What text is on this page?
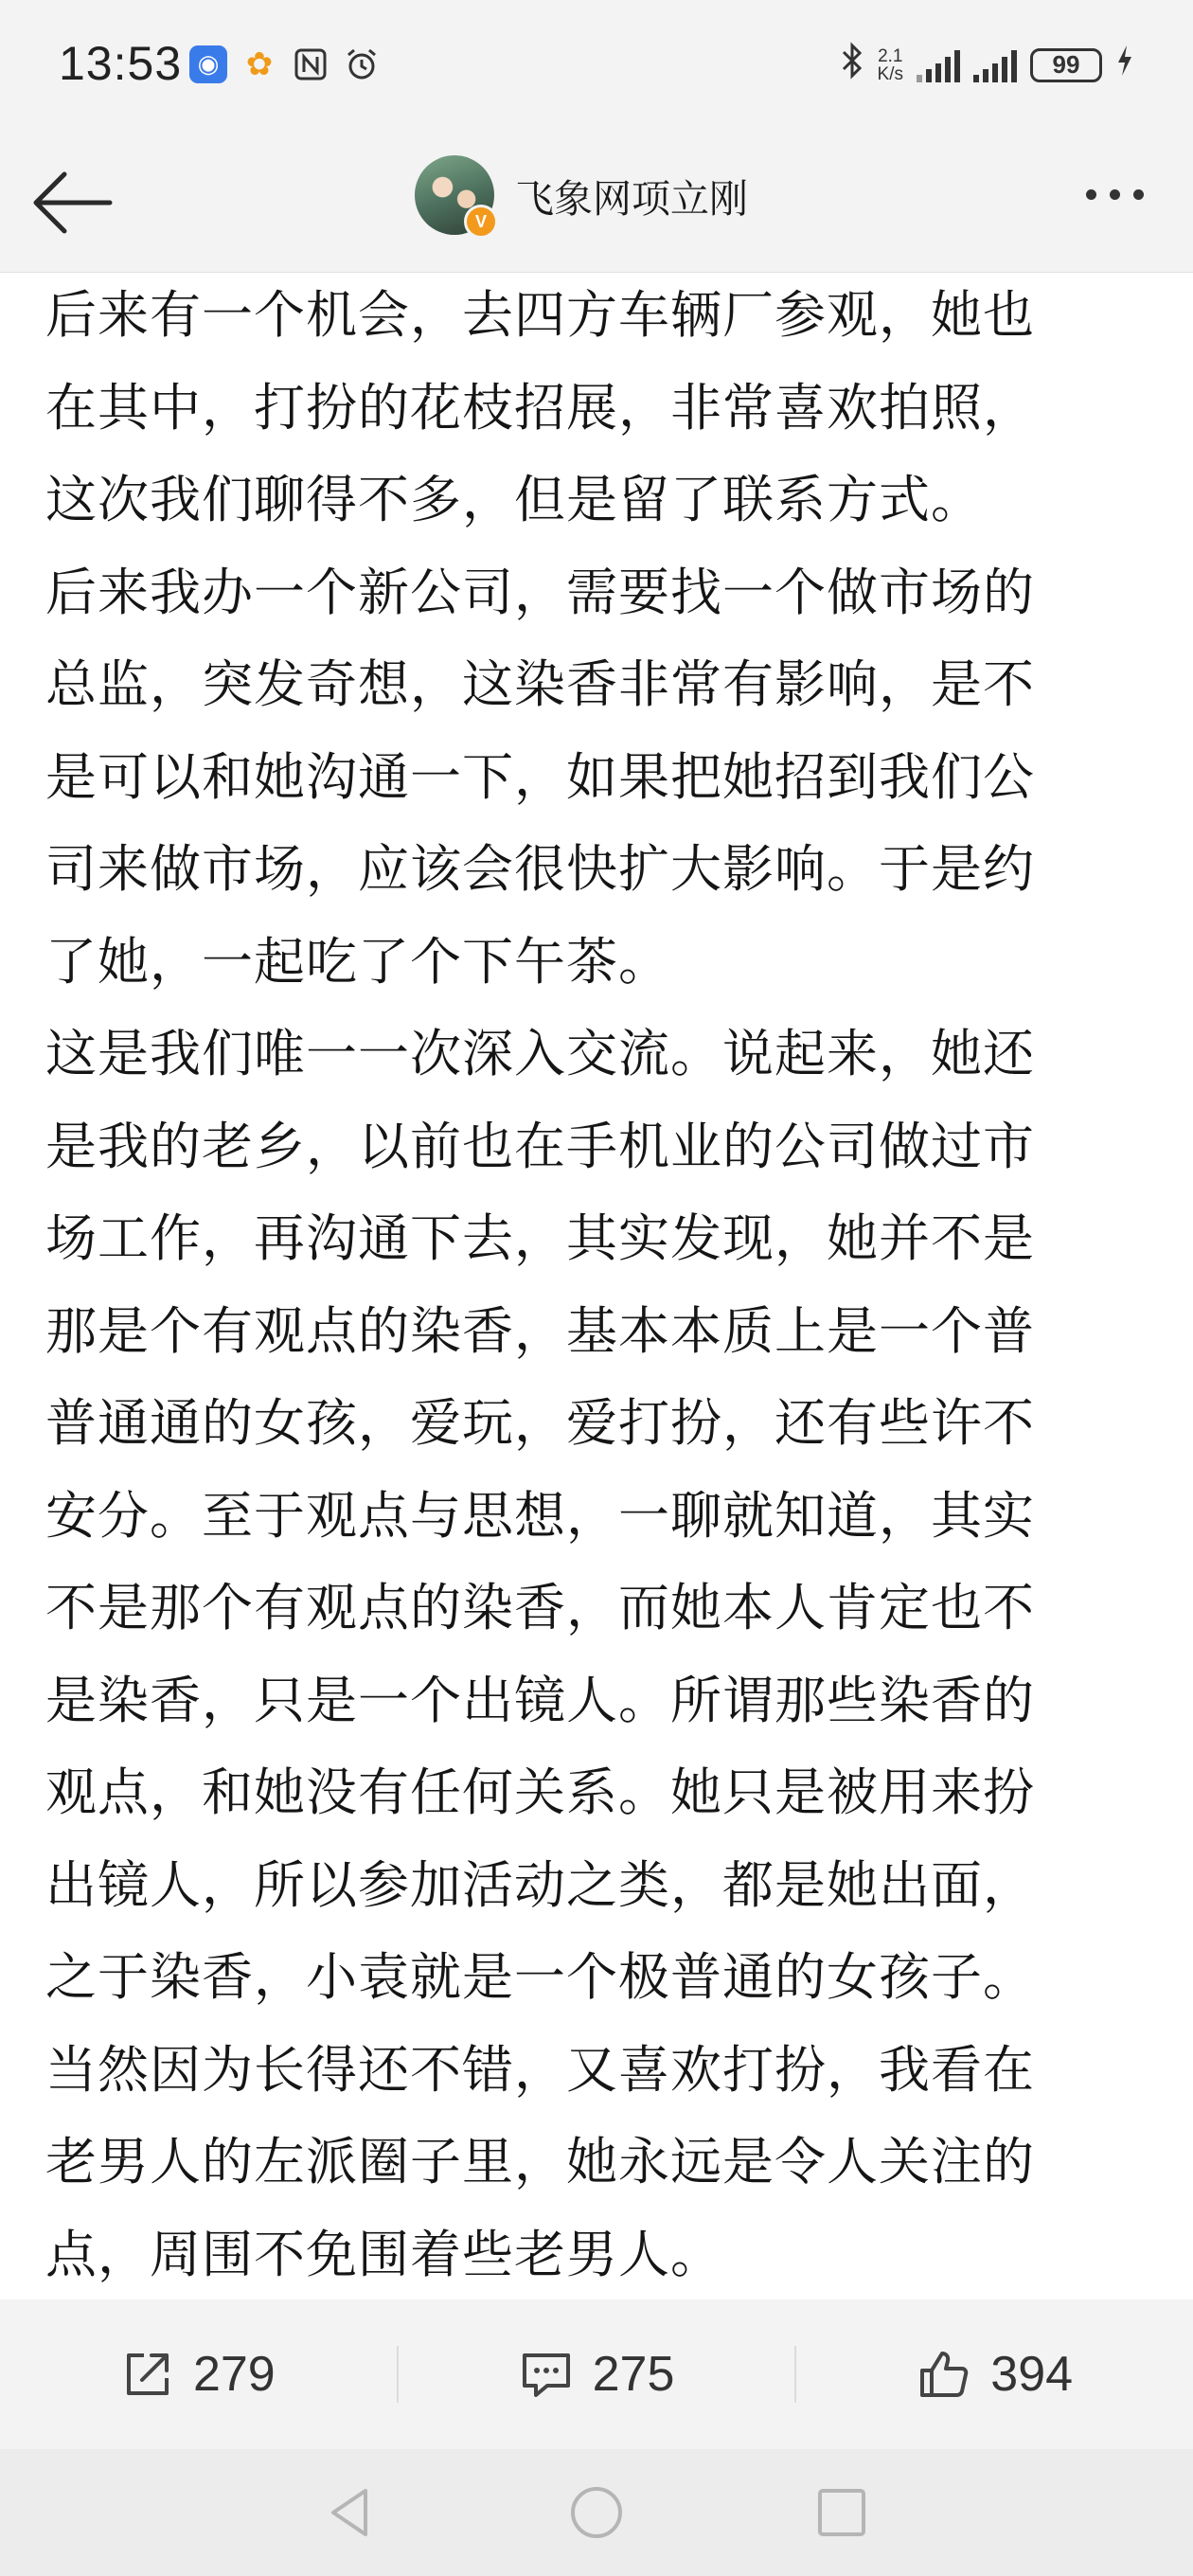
13:53 ◉ ✿	2.1
K/s	99
V 飞象网项立刚

后来有一个机会，去四方车辆厂参观，她也

在其中，打扮的花枝招展，非常喜欢拍照，

这次我们聊得不多，但是留了联系方式。

后来我办一个新公司，需要找一个做市场的

总监，突发奇想，这染香非常有影响，是不

是可以和她沟通一下，如果把她招到我们公

司来做市场，应该会很快扩大影响。于是约

了她，一起吃了个下午茶。

这是我们唯一一次深入交流。说起来，她还

是我的老乡，以前也在手机业的公司做过市

场工作，再沟通下去，其实发现，她并不是

那是个有观点的染香，基本本质上是一个普

普通通的女孩，爱玩，爱打扮，还有些许不

安分。至于观点与思想，一聊就知道，其实

不是那个有观点的染香，而她本人肯定也不

是染香，只是一个出镜人。所谓那些染香的

观点，和她没有任何关系。她只是被用来扮

出镜人，所以参加活动之类，都是她出面，

之于染香，小袁就是一个极普通的女孩子。

当然因为长得还不错，又喜欢打扮，我看在

老男人的左派圈子里，她永远是令人关注的

点，周围不免围着些老男人。

279	275	394
